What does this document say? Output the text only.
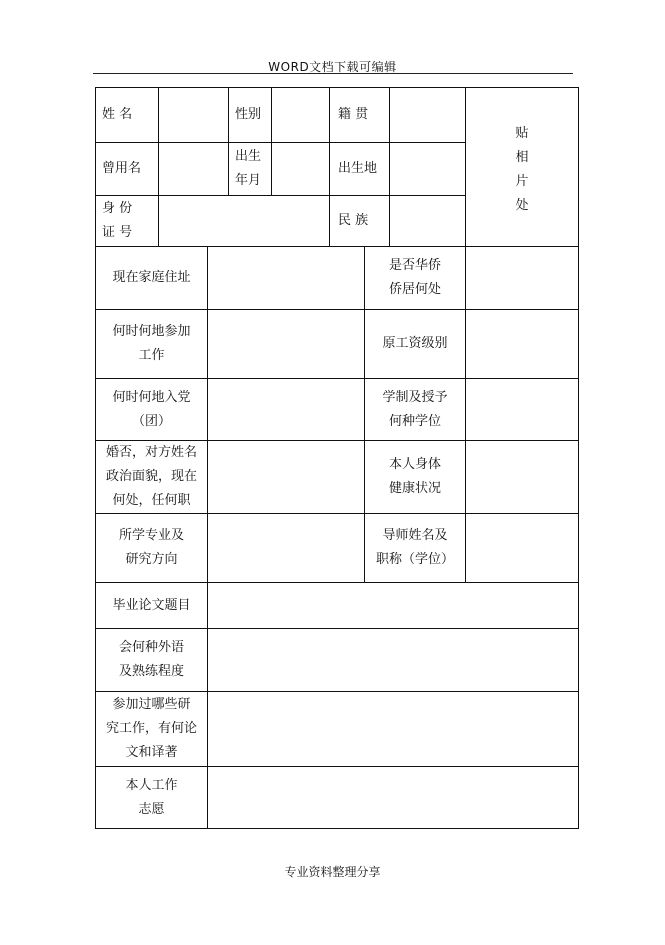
WORD文档下载可编辑
姓 名	性别	籍 贯
贴
相
片
处
曾用名
出生
年月
出生地
身 份
证 号
民 族
现在家庭住址
是否华侨
侨居何处
何时何地参加
工作
原工资级别
何时何地入党
（团）
学制及授予
何种学位
婚否，对方姓名
政治面貌，现在
何处，任何职
本人身体
健康状况
所学专业及
研究方向
导师姓名及
职称（学位）
毕业论文题目
会何种外语
及熟练程度
参加过哪些研
究工作，有何论
文和译著
本人工作
志愿
专业资料整理分享
